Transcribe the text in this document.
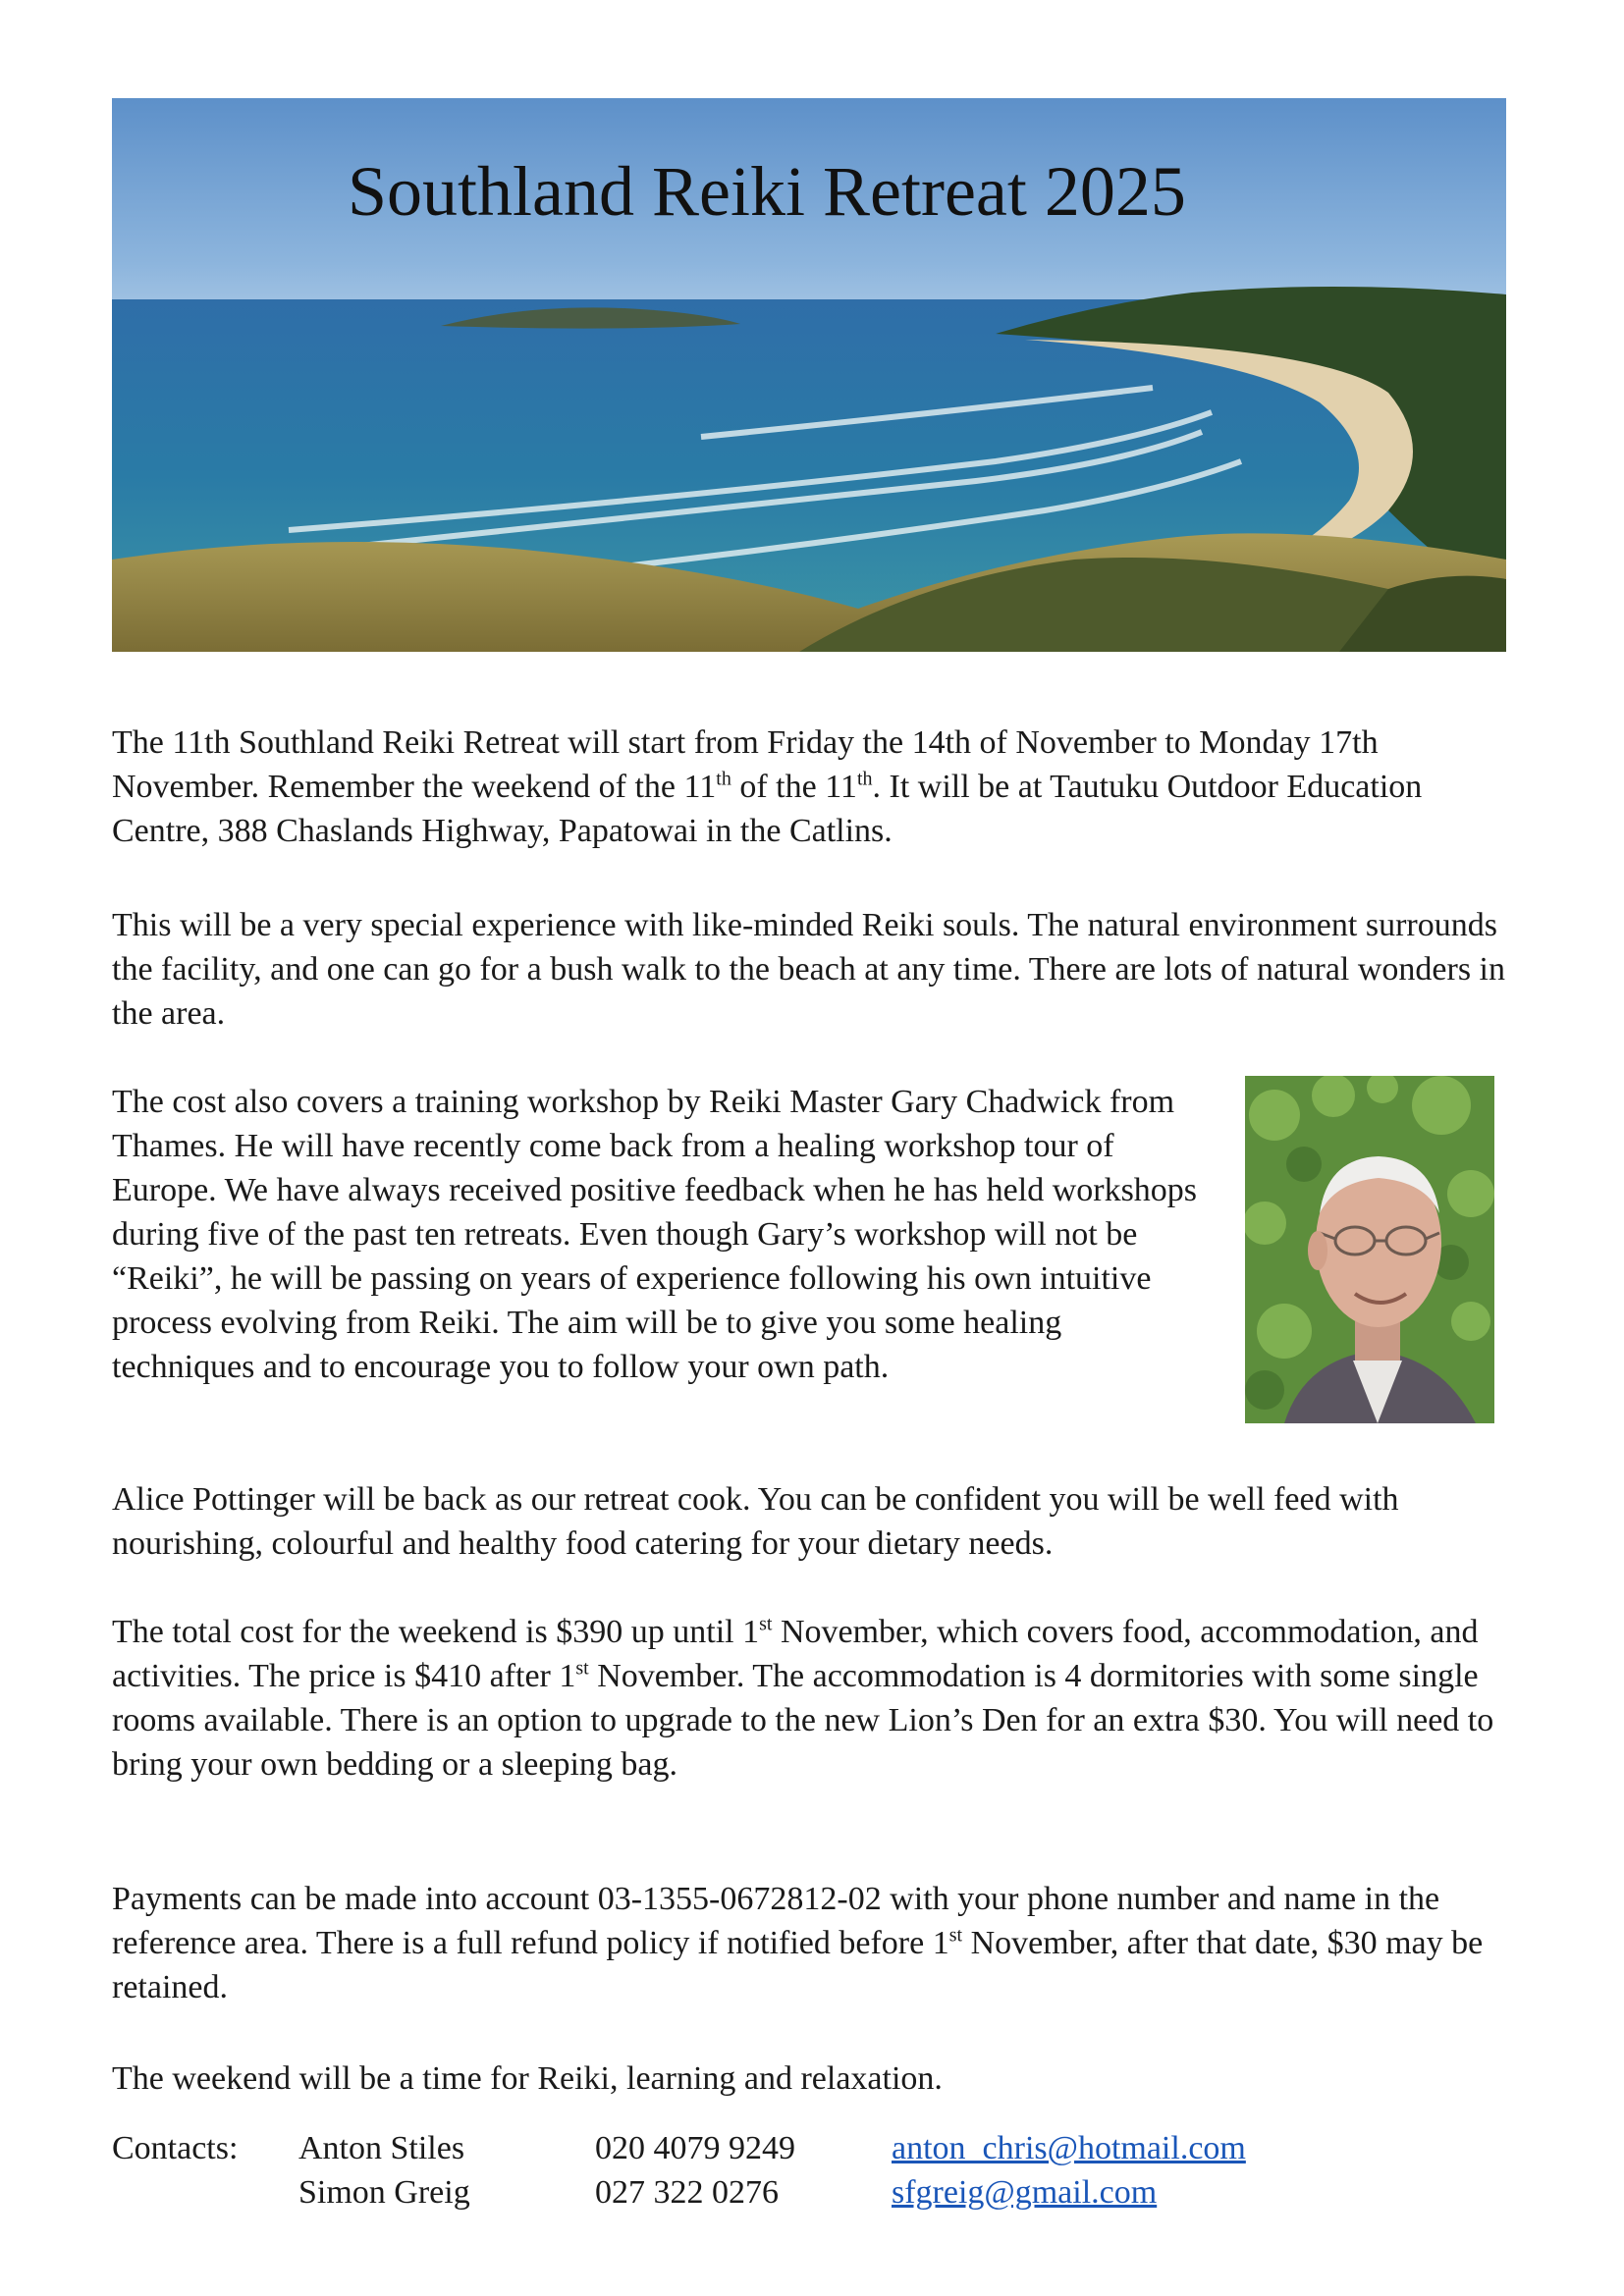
Southland Reiki Retreat 2025

The 11th Southland Reiki Retreat will start from Friday the 14th of November to Monday 17th November. Remember the weekend of the 11th of the 11th. It will be at Tautuku Outdoor Education Centre, 388 Chaslands Highway, Papatowai in the Catlins.

This will be a very special experience with like-minded Reiki souls. The natural environment surrounds the facility, and one can go for a bush walk to the beach at any time. There are lots of natural wonders in the area.

The cost also covers a training workshop by Reiki Master Gary Chadwick from Thames. He will have recently come back from a healing workshop tour of Europe. We have always received positive feedback when he has held workshops during five of the past ten retreats. Even though Gary’s workshop will not be “Reiki”, he will be passing on years of experience following his own intuitive process evolving from Reiki. The aim will be to give you some healing techniques and to encourage you to follow your own path.

Alice Pottinger will be back as our retreat cook. You can be confident you will be well feed with nourishing, colourful and healthy food catering for your dietary needs.

The total cost for the weekend is $390 up until 1st November, which covers food, accommodation, and activities. The price is $410 after 1st November. The accommodation is 4 dormitories with some single rooms available. There is an option to upgrade to the new Lion’s Den for an extra $30. You will need to bring your own bedding or a sleeping bag.

Payments can be made into account 03-1355-0672812-02 with your phone number and name in the reference area. There is a full refund policy if notified before 1st November, after that date, $30 may be retained.

The weekend will be a time for Reiki, learning and relaxation.

Contacts: Anton Stiles	020 4079 9249	anton_chris@hotmail.com
Simon Greig	027 322 0276	sfgreig@gmail.com
